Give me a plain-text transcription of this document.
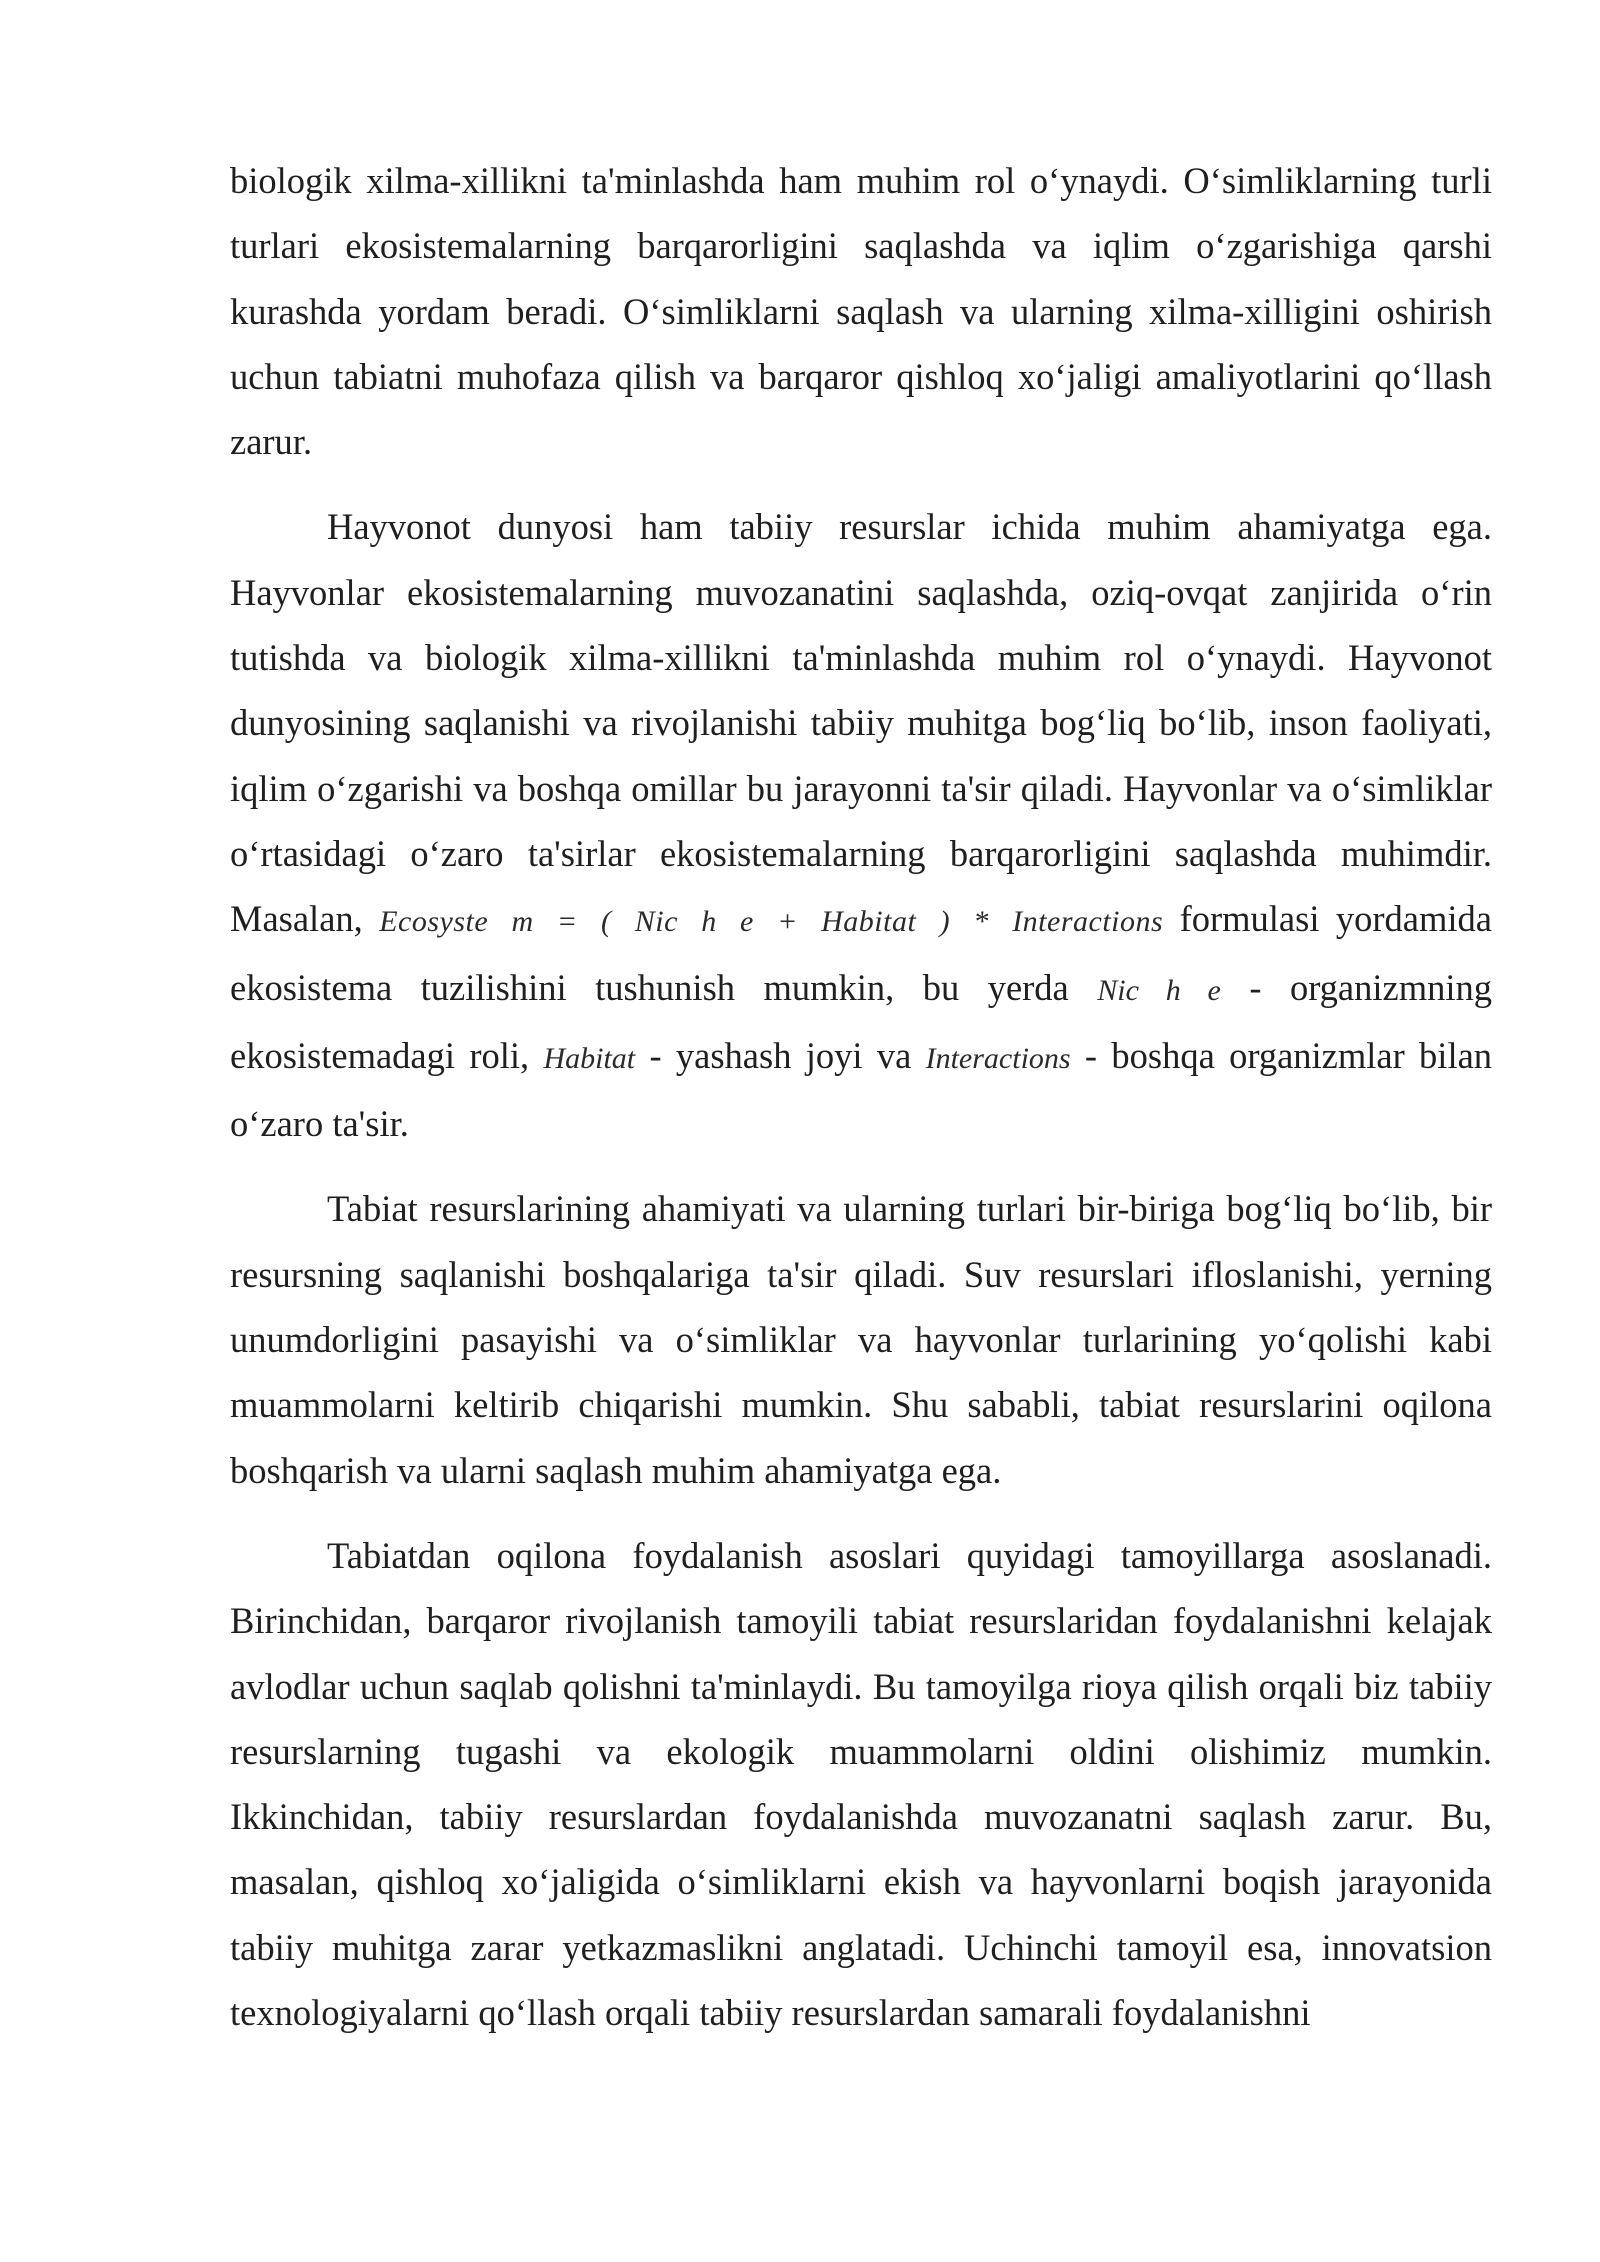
biologik xilma-xillikni ta'minlashda ham muhim rol o‘ynaydi. O‘simliklarning turli turlari ekosistemalarning barqarorligini saqlashda va iqlim o‘zgarishiga qarshi kurashda yordam beradi. O‘simliklarni saqlash va ularning xilma-xilligini oshirish uchun tabiatni muhofaza qilish va barqaror qishloq xo‘jaligi amaliyotlarini qo‘llash zarur.

Hayvonot dunyosi ham tabiiy resurslar ichida muhim ahamiyatga ega. Hayvonlar ekosistemalarning muvozanatini saqlashda, oziq-ovqat zanjirida o‘rin tutishda va biologik xilma-xillikni ta'minlashda muhim rol o‘ynaydi. Hayvonot dunyosining saqlanishi va rivojlanishi tabiiy muhitga bog‘liq bo‘lib, inson faoliyati, iqlim o‘zgarishi va boshqa omillar bu jarayonni ta'sir qiladi. Hayvonlar va o‘simliklar o‘rtasidagi o‘zaro ta'sirlar ekosistemalarning barqarorligini saqlashda muhimdir. Masalan, Ecosyste m = ( Nic h e + Habitat ) * Interactions formulasi yordamida ekosistema tuzilishini tushunish mumkin, bu yerda Nic h e - organizmning ekosistemadagi roli, Habitat - yashash joyi va Interactions - boshqa organizmlar bilan o‘zaro ta'sir.

Tabiat resurslarining ahamiyati va ularning turlari bir-biriga bog‘liq bo‘lib, bir resursning saqlanishi boshqalariga ta'sir qiladi. Suv resurslari ifloslanishi, yerning unumdorligini pasayishi va o‘simliklar va hayvonlar turlarining yo‘qolishi kabi muammolarni keltirib chiqarishi mumkin. Shu sababli, tabiat resurslarini oqilona boshqarish va ularni saqlash muhim ahamiyatga ega.

Tabiatdan oqilona foydalanish asoslari quyidagi tamoyillarga asoslanadi. Birinchidan, barqaror rivojlanish tamoyili tabiat resurslaridan foydalanishni kelajak avlodlar uchun saqlab qolishni ta'minlaydi. Bu tamoyilga rioya qilish orqali biz tabiiy resurslarning tugashi va ekologik muammolarni oldini olishimiz mumkin. Ikkinchidan, tabiiy resurslardan foydalanishda muvozanatni saqlash zarur. Bu, masalan, qishloq xo‘jaligida o‘simliklarni ekish va hayvonlarni boqish jarayonida tabiiy muhitga zarar yetkazmaslikni anglatadi. Uchinchi tamoyil esa, innovatsion texnologiyalarni qo‘llash orqali tabiiy resurslardan samarali foydalanishni
